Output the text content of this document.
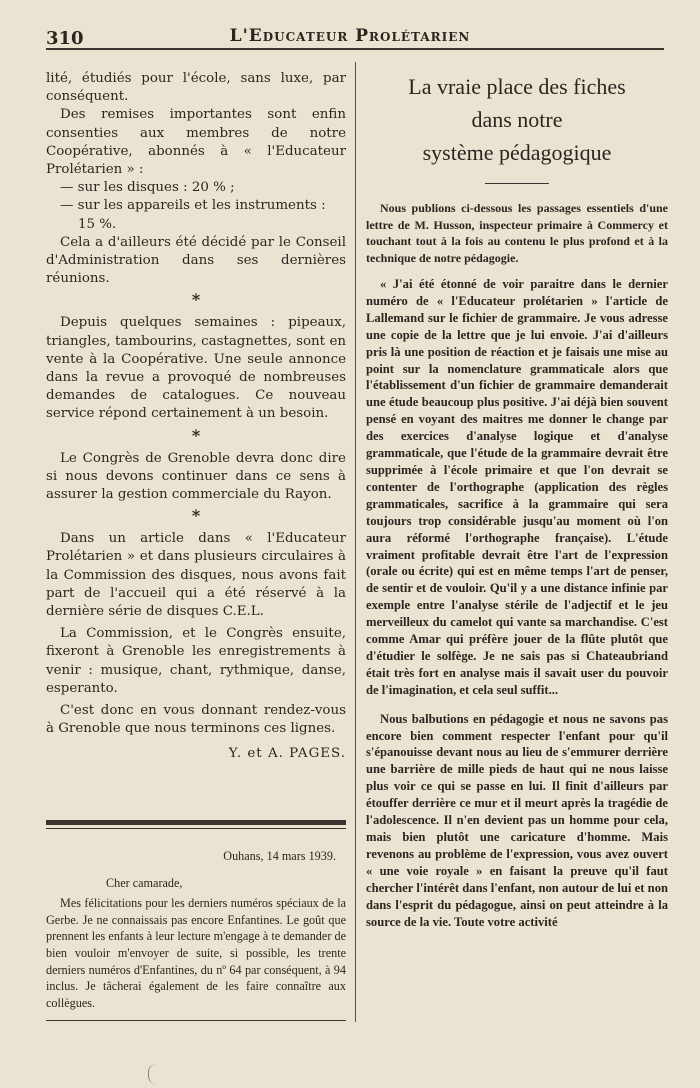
310	L'Educateur Prolétarien

lité, étudiés pour l'école, sans luxe, par conséquent.

Des remises importantes sont enfin consenties aux membres de notre Coopérative, abonnés à « l'Educateur Prolétarien » :

— sur les disques : 20 % ;

— sur les appareils et les instruments : 15 %.

Cela a d'ailleurs été décidé par le Conseil d'Administration dans ses dernières réunions.

*

Depuis quelques semaines : pipeaux, triangles, tambourins, castagnettes, sont en vente à la Coopérative. Une seule annonce dans la revue a provoqué de nombreuses demandes de catalogues. Ce nouveau service répond certainement à un besoin.

*

Le Congrès de Grenoble devra donc dire si nous devons continuer dans ce sens à assurer la gestion commerciale du Rayon.

*

Dans un article dans « l'Educateur Prolétarien » et dans plusieurs circulaires à la Commission des disques, nous avons fait part de l'accueil qui a été réservé à la dernière série de disques C.E.L.

La Commission, et le Congrès ensuite, fixeront à Grenoble les enregistrements à venir : musique, chant, rythmique, danse, esperanto.

C'est donc en vous donnant rendez-vous à Grenoble que nous terminons ces lignes.

Y. et A. PAGES.

Ouhans, 14 mars 1939.

Cher camarade,

Mes félicitations pour les derniers numéros spéciaux de la Gerbe. Je ne connaissais pas encore Enfantines. Le goût que prennent les enfants à leur lecture m'engage à te demander de bien vouloir m'envoyer de suite, si possible, les trente derniers numéros d'Enfantines, du nº 64 par conséquent, à 94 inclus. Je tâcherai également de les faire connaître aux collègues.

La vraie place des fiches
dans notre
système pédagogique

Nous publions ci-dessous les passages essentiels d'une lettre de M. Husson, inspecteur primaire à Commercy et touchant tout à la fois au contenu le plus profond et à la technique de notre pédagogie.

« J'ai été étonné de voir paraitre dans le dernier numéro de « l'Educateur prolétarien » l'article de Lallemand sur le fichier de grammaire. Je vous adresse une copie de la lettre que je lui envoie. J'ai d'ailleurs pris là une position de réaction et je faisais une mise au point sur la nomenclature grammaticale alors que l'établissement d'un fichier de grammaire demanderait une étude beaucoup plus positive. J'ai déjà bien souvent pensé en voyant des maitres me donner le change par des exercices d'analyse logique et d'analyse grammaticale, que l'étude de la grammaire devrait être supprimée à l'école primaire et que l'on devrait se contenter de l'orthographe (application des règles grammaticales, sacrifice à la grammaire qui sera toujours trop considérable jusqu'au moment où l'on aura réformé l'orthographe française). L'étude vraiment profitable devrait être l'art de l'expression (orale ou écrite) qui est en même temps l'art de penser, de sentir et de vouloir. Qu'il y a une distance infinie par exemple entre l'analyse stérile de l'adjectif et le jeu merveilleux du camelot qui vante sa marchandise. C'est comme Amar qui préfère jouer de la flûte plutôt que d'étudier le solfège. Je ne sais pas si Chateaubriand était très fort en analyse mais il savait user du pouvoir de l'imagination, et cela seul suffit...

Nous balbutions en pédagogie et nous ne savons pas encore bien comment respecter l'enfant pour qu'il s'épanouisse devant nous au lieu de s'emmurer derrière une barrière de mille pieds de haut qui ne nous laisse plus voir ce qui se passe en lui. Il finit d'ailleurs par étouffer derrière ce mur et il meurt après la tragédie de l'adolescence. Il n'en devient pas un homme pour cela, mais bien plutôt une caricature d'homme. Mais revenons au problème de l'expression, vous avez ouvert « une voie royale » en faisant la preuve qu'il faut chercher l'intérêt dans l'enfant, non autour de lui et non dans l'esprit du pédagogue, ainsi on peut atteindre à la source de la vie. Toute votre activité
